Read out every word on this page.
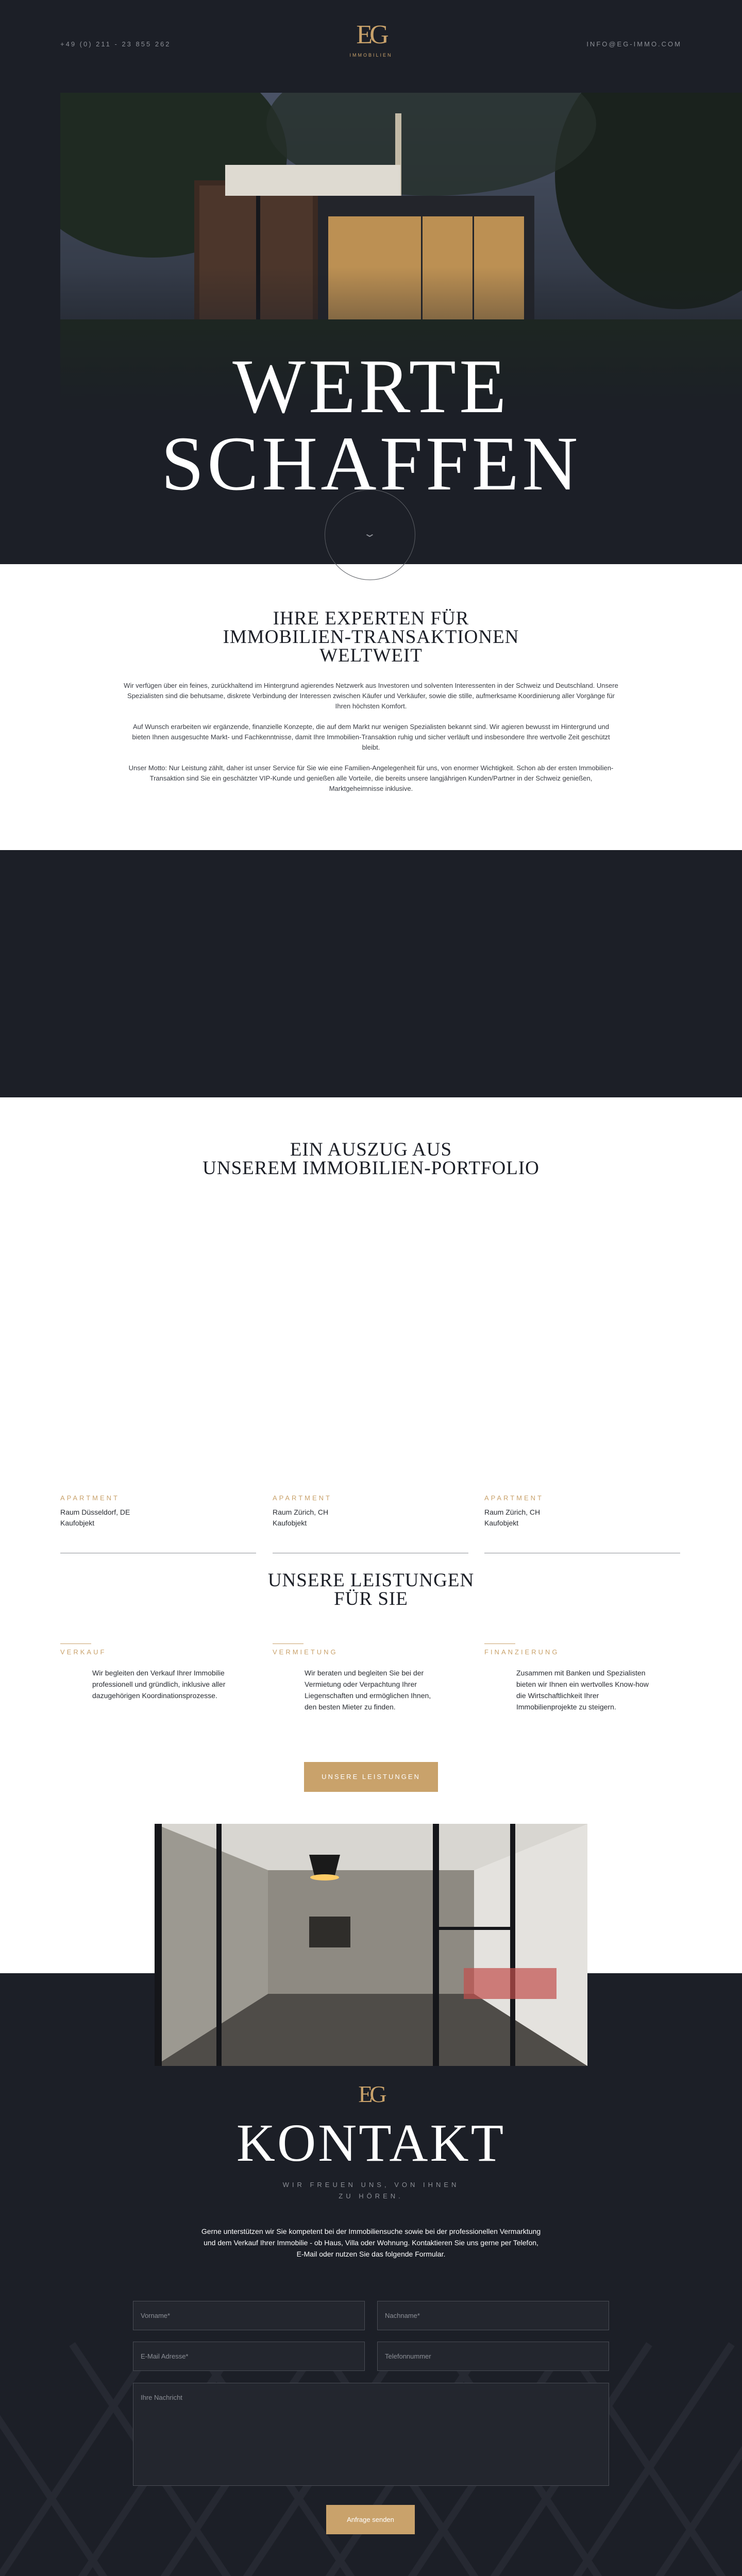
+49 (0) 211 - 23 855 262	EG
IMMOBILIEN
INFO@EG-IMMO.COM
WERTE
SCHAFFEN
⌄
IHRE EXPERTEN FÜR
IMMOBILIEN-TRANSAKTIONEN
WELTWEIT

Wir verfügen über ein feines, zurückhaltend im Hintergrund agierendes Netzwerk aus Investoren und solventen Interessenten in der Schweiz und Deutschland. Unsere Spezialisten sind die behutsame, diskrete Verbindung der Interessen zwischen Käufer und Verkäufer, sowie die stille, aufmerksame Koordinierung aller Vorgänge für Ihren höchsten Komfort.

Auf Wunsch erarbeiten wir ergänzende, finanzielle Konzepte, die auf dem Markt nur wenigen Spezialisten bekannt sind. Wir agieren bewusst im Hintergrund und bieten Ihnen ausgesuchte Markt- und Fachkenntnisse, damit Ihre Immobilien-Transaktion ruhig und sicher verläuft und insbesondere Ihre wertvolle Zeit geschützt bleibt.

Unser Motto: Nur Leistung zählt, daher ist unser Service für Sie wie eine Familien-Angelegenheit für uns, von enormer Wichtigkeit. Schon ab der ersten Immobilien-Transaktion sind Sie ein geschätzter VIP-Kunde und genießen alle Vorteile, die bereits unsere langjährigen Kunden/Partner in der Schweiz genießen, Marktgeheimnisse inklusive.

EIN AUSZUG AUS
UNSEREM IMMOBILIEN-PORTFOLIO
APARTMENT
Raum Düsseldorf, DE
Kaufobjekt
APARTMENT
Raum Zürich, CH
Kaufobjekt
APARTMENT
Raum Zürich, CH
Kaufobjekt
UNSERE LEISTUNGEN
FÜR SIE
VERKAUF
Wir begleiten den Verkauf Ihrer Immobilie professionell und gründlich, inklusive aller dazugehörigen Koordinationsprozesse.
VERMIETUNG
Wir beraten und begleiten Sie bei der Vermietung oder Verpachtung Ihrer Liegenschaften und ermöglichen Ihnen, den besten Mieter zu finden.
FINANZIERUNG
Zusammen mit Banken und Spezialisten bieten wir Ihnen ein wertvolles Know-how die Wirtschaftlichkeit Ihrer Immobilienprojekte zu steigern.
UNSERE LEISTUNGEN
EG
KONTAKT
WIR FREUEN UNS, VON IHNEN
ZU HÖREN.
Gerne unterstützen wir Sie kompetent bei der Immobiliensuche sowie bei der professionellen Vermarktung und dem Verkauf Ihrer Immobilie - ob Haus, Villa oder Wohnung. Kontaktieren Sie uns gerne per Telefon, E-Mail oder nutzen Sie das folgende Formular.
Vorname*	Nachname*
E-Mail Adresse*	Telefonnummer
Ihre Nachricht
Anfrage senden
